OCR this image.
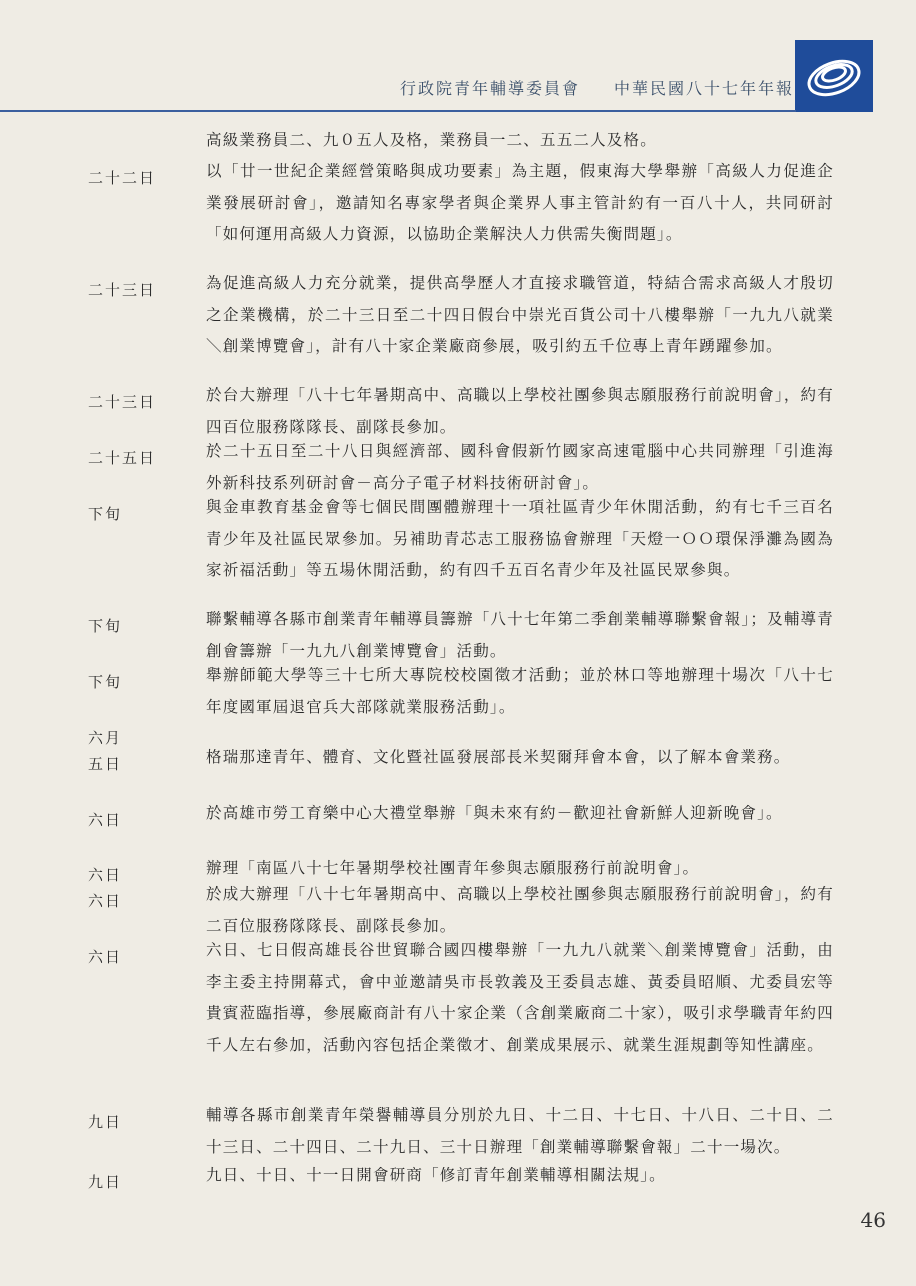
行政院青年輔導委員會 中華民國八十七年年報
高級業務員二、九０五人及格，業務員一二、五五二人及格。
二十二日	以「廿一世紀企業經營策略與成功要素」為主題，假東海大學舉辦「高級人力促進企業發展研討會」，邀請知名專家學者與企業界人事主管計約有一百八十人，共同研討「如何運用高級人力資源，以協助企業解決人力供需失衡問題」。
二十三日	為促進高級人力充分就業，提供高學歷人才直接求職管道，特結合需求高級人才殷切之企業機構，於二十三日至二十四日假台中崇光百貨公司十八樓舉辦「一九九八就業＼創業博覽會」，計有八十家企業廠商參展，吸引約五千位專上青年踴躍參加。
二十三日	於台大辦理「八十七年暑期高中、高職以上學校社團參與志願服務行前說明會」，約有四百位服務隊隊長、副隊長參加。
二十五日	於二十五日至二十八日與經濟部、國科會假新竹國家高速電腦中心共同辦理「引進海外新科技系列研討會－高分子電子材料技術研討會」。
下旬	與金車教育基金會等七個民間團體辦理十一項社區青少年休閒活動，約有七千三百名青少年及社區民眾參加。另補助青芯志工服務協會辦理「天燈一ＯＯ環保淨灘為國為家祈福活動」等五場休閒活動，約有四千五百名青少年及社區民眾參與。
下旬	聯繫輔導各縣市創業青年輔導員籌辦「八十七年第二季創業輔導聯繫會報」；及輔導青創會籌辦「一九九八創業博覽會」活動。
下旬	舉辦師範大學等三十七所大專院校校園徵才活動；並於林口等地辦理十場次「八十七年度國軍屆退官兵大部隊就業服務活動」。
六月
五日	格瑞那達青年、體育、文化暨社區發展部長米契爾拜會本會，以了解本會業務。
六日	於高雄市勞工育樂中心大禮堂舉辦「與未來有約－歡迎社會新鮮人迎新晚會」。
六日	辦理「南區八十七年暑期學校社團青年參與志願服務行前說明會」。
六日	於成大辦理「八十七年暑期高中、高職以上學校社團參與志願服務行前說明會」，約有二百位服務隊隊長、副隊長參加。
六日	六日、七日假高雄長谷世貿聯合國四樓舉辦「一九九八就業＼創業博覽會」活動，由李主委主持開幕式，會中並邀請吳市長敦義及王委員志雄、黃委員昭順、尤委員宏等貴賓蒞臨指導，參展廠商計有八十家企業（含創業廠商二十家），吸引求學職青年約四千人左右參加，活動內容包括企業徵才、創業成果展示、就業生涯規劃等知性講座。
九日	輔導各縣市創業青年榮譽輔導員分別於九日、十二日、十七日、十八日、二十日、二十三日、二十四日、二十九日、三十日辦理「創業輔導聯繫會報」二十一場次。
九日	九日、十日、十一日開會研商「修訂青年創業輔導相關法規」。
46
